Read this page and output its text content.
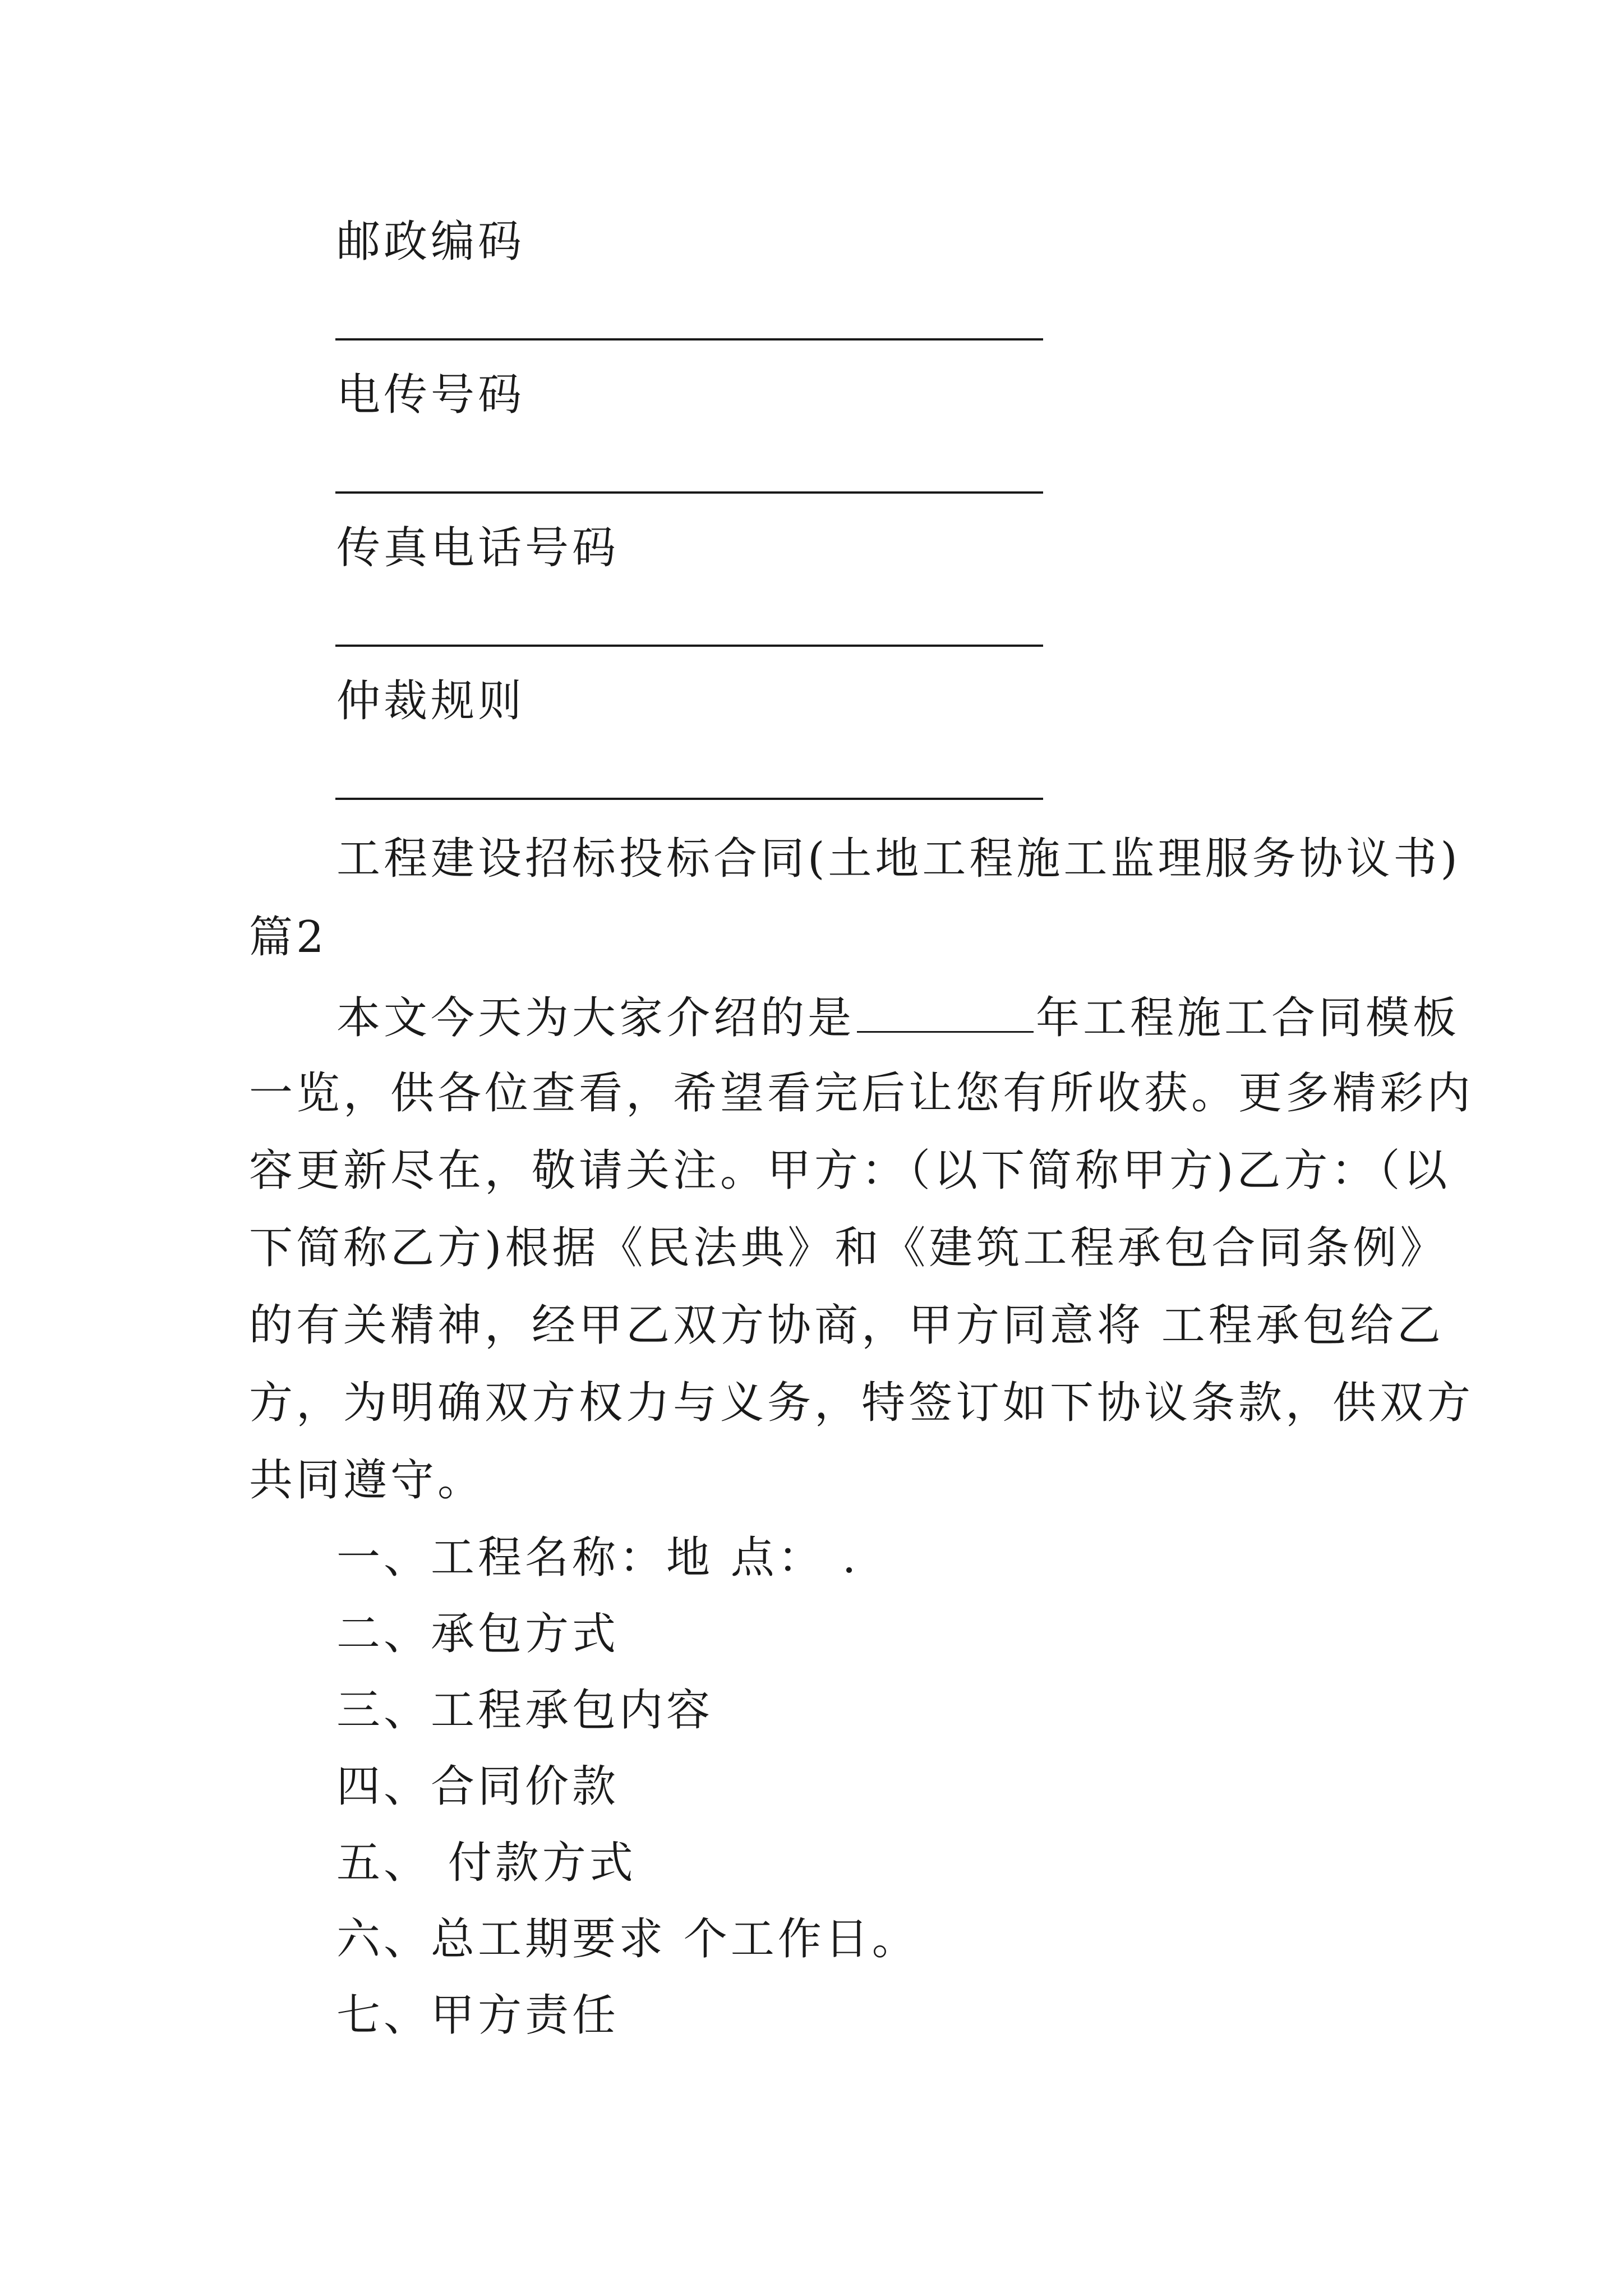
邮政编码
电传号码
传真电话号码
仲裁规则
工程建设招标投标合同(土地工程施工监理服务协议书)
篇2
本文今天为大家介绍的是	年工程施工合同模板
一览，供各位查看，希望看完后让您有所收获。更多精彩内
容更新尽在，敬请关注。甲方：（以下简称甲方)乙方：（以
下简称乙方)根据《民法典》和《建筑工程承包合同条例》
的有关精神，经甲乙双方协商，甲方同意将 工程承包给乙
方，为明确双方权力与义务，特签订如下协议条款，供双方
共同遵守。
一、工程名称：地 点： .
二、承包方式
三、工程承包内容
四、合同价款
五、 付款方式
六、总工期要求 个工作日。
七、甲方责任
